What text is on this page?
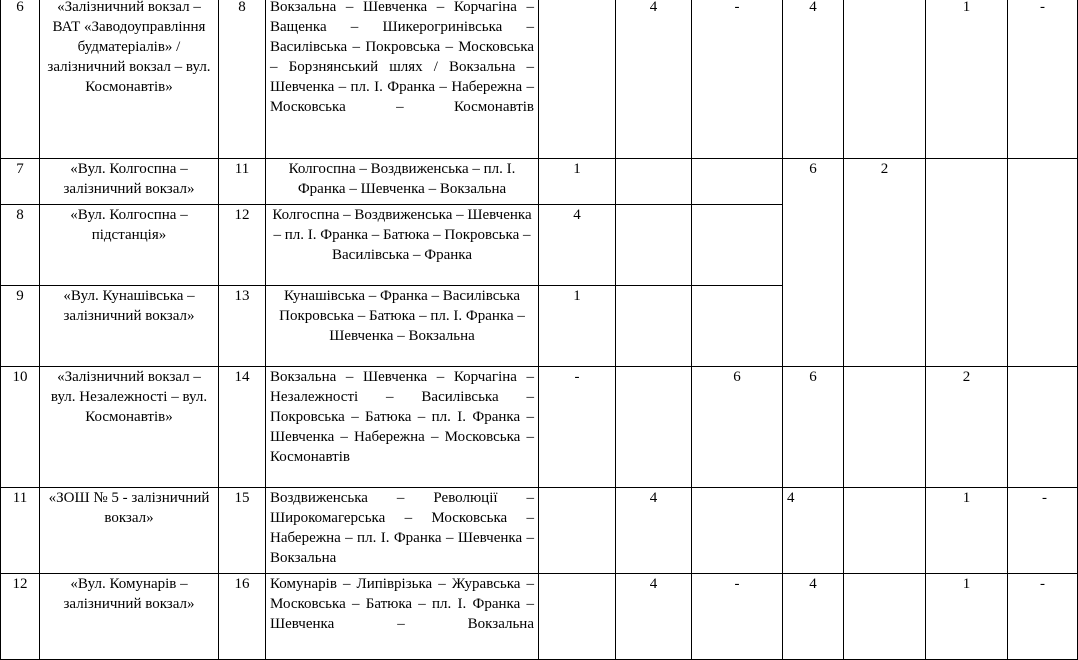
6	«Залізничний вокзал – ВАТ «Заводоуправління будматеріалів» / залізничний вокзал – вул. Космонавтів»	8	Вокзальна – Шевченка – Корчагіна – Ващенка – Шикерогринівська – Василівська – Покровська – Московська – Борзнянський шлях / Вокзальна – Шевченка – пл. І. Франка – Набережна – Московська – Космонавтів		4	-	4		1	-

7	«Вул. Колгоспна – залізничний вокзал»	11	Колгоспна – Воздвиженська – пл. І. Франка – Шевченка – Вокзальна	1			6	2		
8	«Вул. Колгоспна – підстанція»	12	Колгоспна – Воздвиженська – Шевченка – пл. І. Франка – Батюка – Покровська – Василівська – Франка	4						
9	«Вул. Кунашівська – залізничний вокзал»	13	Кунашівська – Франка – Василівська Покровська – Батюка – пл. І. Франка – Шевченка – Вокзальна	1						
10	«Залізничний вокзал – вул. Незалежності – вул. Космонавтів»	14	Вокзальна – Шевченка – Корчагіна – Незалежності – Василівська – Покровська – Батюка – пл. І. Франка – Шевченка – Набережна – Московська – Космонавтів	-		6	6		2	
11	«ЗОШ № 5 - залізничний вокзал»	15	Воздвиженська – Революції – Широкомагерська – Московська – Набережна – пл. І. Франка – Шевченка – Вокзальна		4		4		1	-
12	«Вул. Комунарів – залізничний вокзал»	16	Комунарів – Липіврізька – Журавська – Московська – Батюка – пл. І. Франка – Шевченка – Вокзальна		4	-	4		1	-
